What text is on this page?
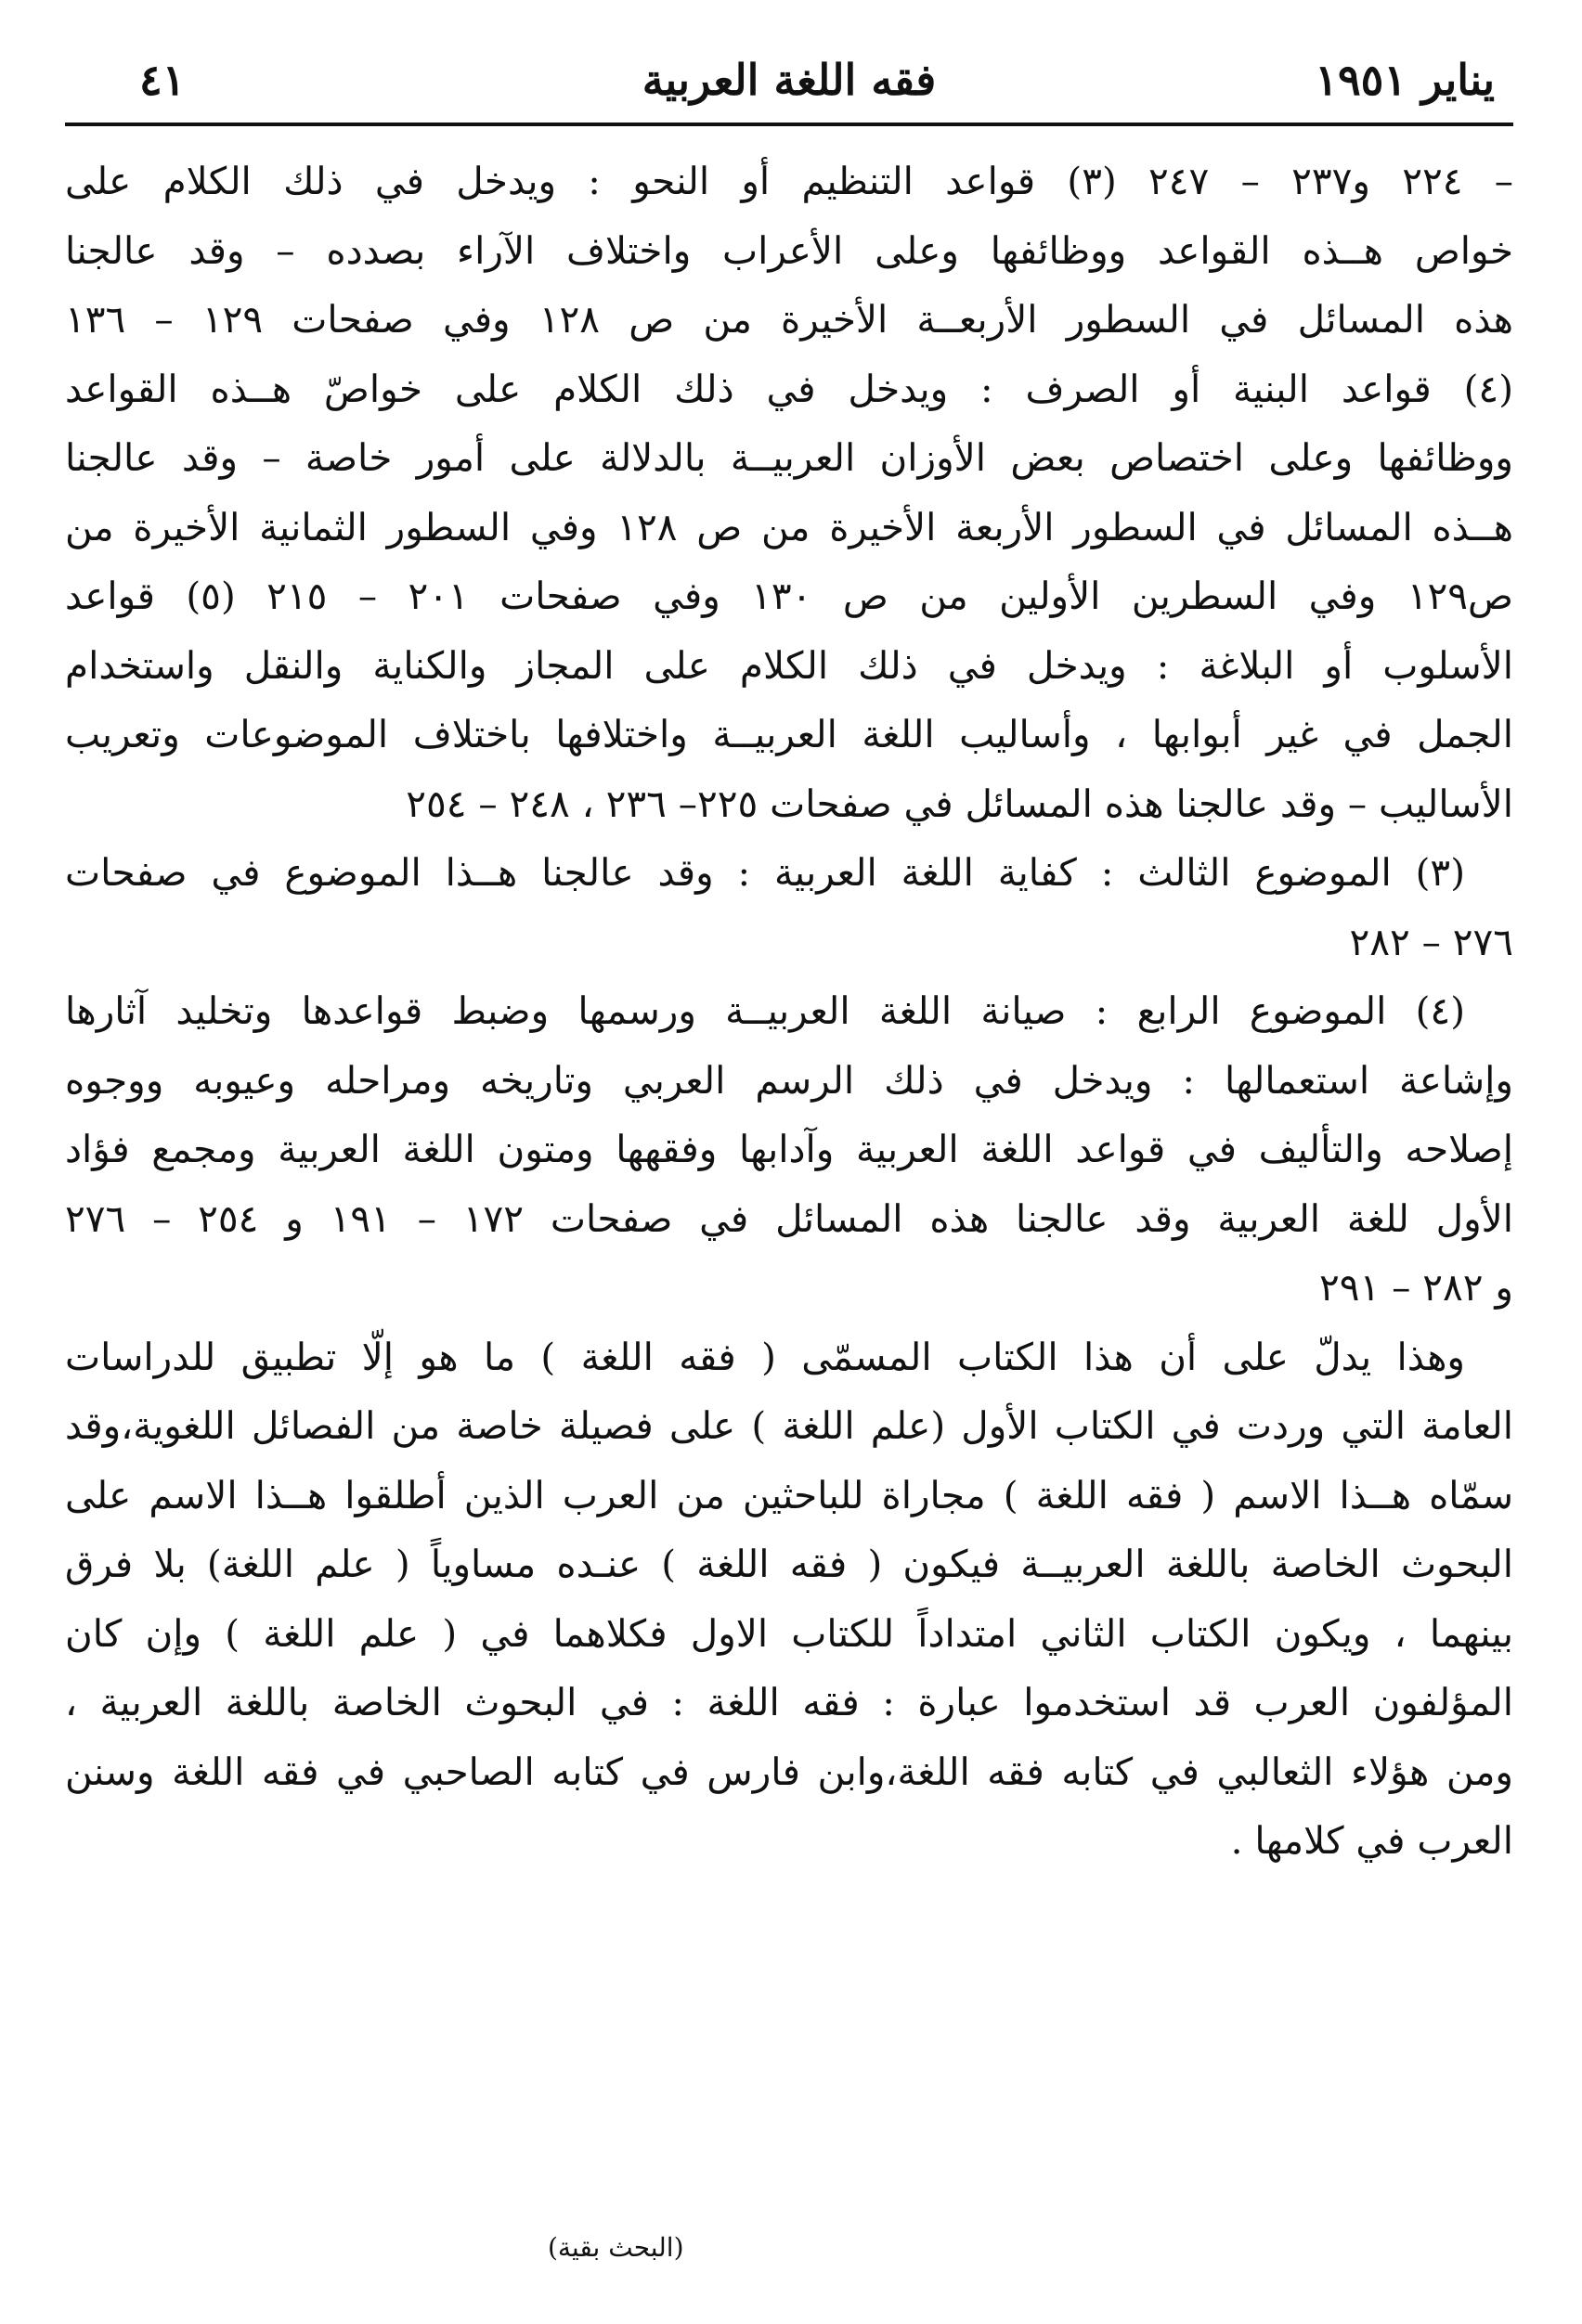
يناير ١٩٥١
فقه اللغة العربية
٤١
– ٢٢٤ و٢٣٧ – ٢٤٧ (٣) قواعد التنظيم أو النحو : ويدخل في ذلك الكلام على
خواص هــذه القواعد ووظائفها وعلى الأعراب واختلاف الآراء بصدده – وقد عالجنا
هذه المسائل في السطور الأربعــة الأخيرة من ص ١٢٨ وفي صفحات ١٢٩ – ١٣٦
(٤) قواعد البنية أو الصرف : ويدخل في ذلك الكلام على خواصّ هــذه القواعد
ووظائفها وعلى اختصاص بعض الأوزان العربيــة بالدلالة على أمور خاصة – وقد عالجنا
هــذه المسائل في السطور الأربعة الأخيرة من ص ١٢٨ وفي السطور الثمانية الأخيرة من
ص١٢٩ وفي السطرين الأولين من ص ١٣٠ وفي صفحات ٢٠١ – ٢١٥ (٥) قواعد
الأسلوب أو البلاغة : ويدخل في ذلك الكلام على المجاز والكناية والنقل واستخدام
الجمل في غير أبوابها ، وأساليب اللغة العربيــة واختلافها باختلاف الموضوعات وتعريب
الأساليب – وقد عالجنا هذه المسائل في صفحات ٢٢٥– ٢٣٦ ، ٢٤٨ – ٢٥٤
(٣) الموضوع الثالث : كفاية اللغة العربية : وقد عالجنا هــذا الموضوع في صفحات
٢٧٦ – ٢٨٢
(٤) الموضوع الرابع : صيانة اللغة العربيــة ورسمها وضبط قواعدها وتخليد آثارها
وإشاعة استعمالها : ويدخل في ذلك الرسم العربي وتاريخه ومراحله وعيوبه ووجوه
إصلاحه والتأليف في قواعد اللغة العربية وآدابها وفقهها ومتون اللغة العربية ومجمع فؤاد
الأول للغة العربية وقد عالجنا هذه المسائل في صفحات ١٧٢ – ١٩١ و ٢٥٤ – ٢٧٦
و ٢٨٢ – ٢٩١
وهذا يدلّ على أن هذا الكتاب المسمّى ( فقه اللغة ) ما هو إلّا تطبيق للدراسات
العامة التي وردت في الكتاب الأول (علم اللغة ) على فصيلة خاصة من الفصائل اللغوية،وقد
سمّاه هــذا الاسم ( فقه اللغة ) مجاراة للباحثين من العرب الذين أطلقوا هــذا الاسم على
البحوث الخاصة باللغة العربيــة فيكون ( فقه اللغة ) عنـده مساوياً ( علم اللغة) بلا فرق
بينهما ، ويكون الكتاب الثاني امتداداً للكتاب الاول فكلاهما في ( علم اللغة ) وإن كان
المؤلفون العرب قد استخدموا عبارة : فقه اللغة : في البحوث الخاصة باللغة العربية ،
ومن هؤلاء الثعالبي في كتابه فقه اللغة،وابن فارس في كتابه الصاحبي في فقه اللغة وسنن
العرب في كلامها .
(البحث بقية)
